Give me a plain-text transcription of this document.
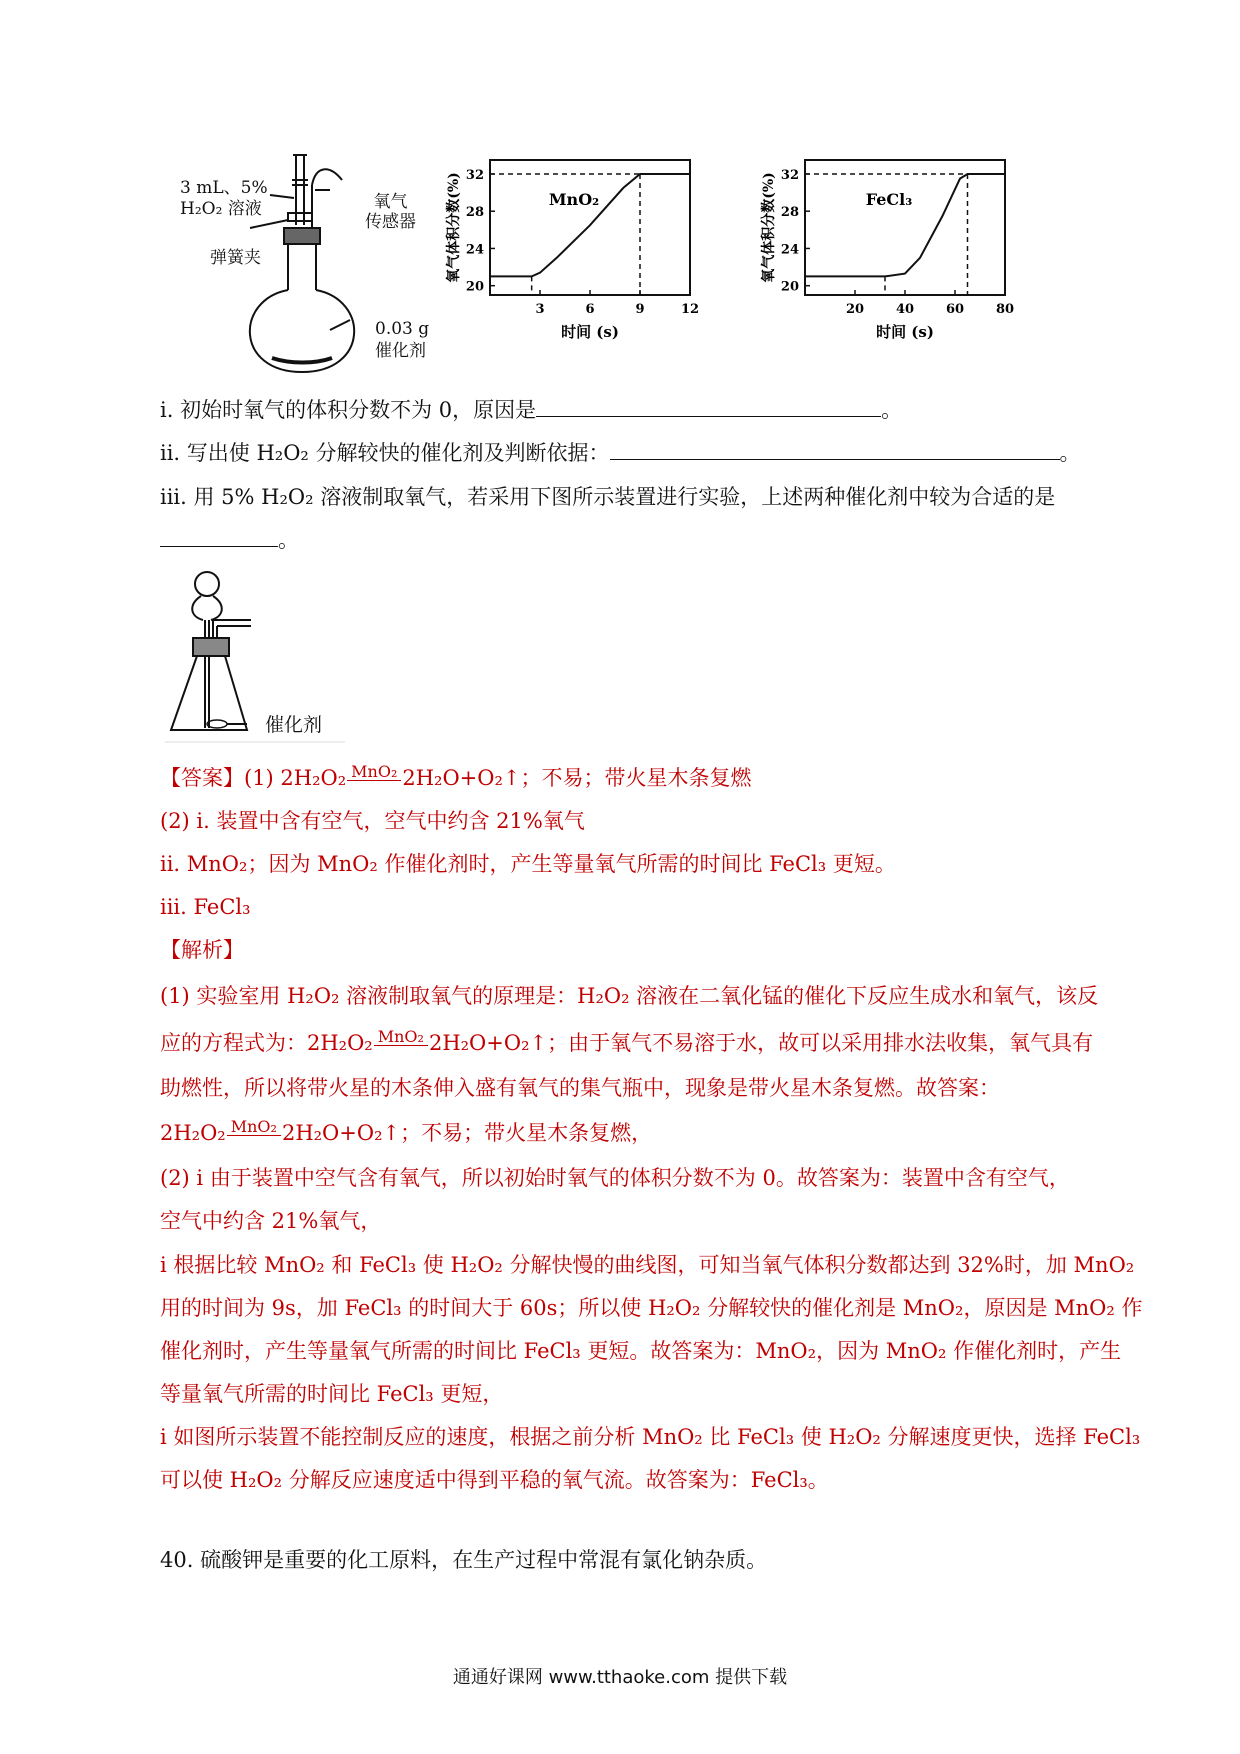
3 mL、5%
H₂O₂ 溶液	氧气
传感器
弹簧夹
0.03 g
催化剂
20
24
28
32
3	6	9	12
MnO₂
时间 (s)
氧气体积分数(%)
20
24
28
32
20 40 60 80
FeCl₃
时间 (s)
氧气体积分数(%)
i. 初始时氧气的体积分数不为 0，原因是	。
ii. 写出使 H₂O₂ 分解较快的催化剂及判断依据：	。
iii. 用 5% H₂O₂ 溶液制取氧气，若采用下图所示装置进行实验，上述两种催化剂中较为合适的是
。
催化剂
【答案】(1) 2H₂O₂ MnO₂ 2H₂O+O₂↑；不易；带火星木条复燃
(2) i. 装置中含有空气，空气中约含 21%氧气
ii. MnO₂；因为 MnO₂ 作催化剂时，产生等量氧气所需的时间比 FeCl₃ 更短。
iii. FeCl₃
【解析】
(1) 实验室用 H₂O₂ 溶液制取氧气的原理是：H₂O₂ 溶液在二氧化锰的催化下反应生成水和氧气，该反
应的方程式为：2H₂O₂ MnO₂ 2H₂O+O₂↑；由于氧气不易溶于水，故可以采用排水法收集，氧气具有
助燃性，所以将带火星的木条伸入盛有氧气的集气瓶中，现象是带火星木条复燃。故答案：
2H₂O₂ MnO₂ 2H₂O+O₂↑；不易；带火星木条复燃，
(2) i 由于装置中空气含有氧气，所以初始时氧气的体积分数不为 0。故答案为：装置中含有空气，
空气中约含 21%氧气，
i 根据比较 MnO₂ 和 FeCl₃ 使 H₂O₂ 分解快慢的曲线图，可知当氧气体积分数都达到 32%时，加 MnO₂
用的时间为 9s，加 FeCl₃ 的时间大于 60s；所以使 H₂O₂ 分解较快的催化剂是 MnO₂，原因是 MnO₂ 作
催化剂时，产生等量氧气所需的时间比 FeCl₃ 更短。故答案为：MnO₂，因为 MnO₂ 作催化剂时，产生
等量氧气所需的时间比 FeCl₃ 更短，
i 如图所示装置不能控制反应的速度，根据之前分析 MnO₂ 比 FeCl₃ 使 H₂O₂ 分解速度更快，选择 FeCl₃
可以使 H₂O₂ 分解反应速度适中得到平稳的氧气流。故答案为：FeCl₃。
40. 硫酸钾是重要的化工原料，在生产过程中常混有氯化钠杂质。
通通好课网 www.tthaoke.com 提供下载
